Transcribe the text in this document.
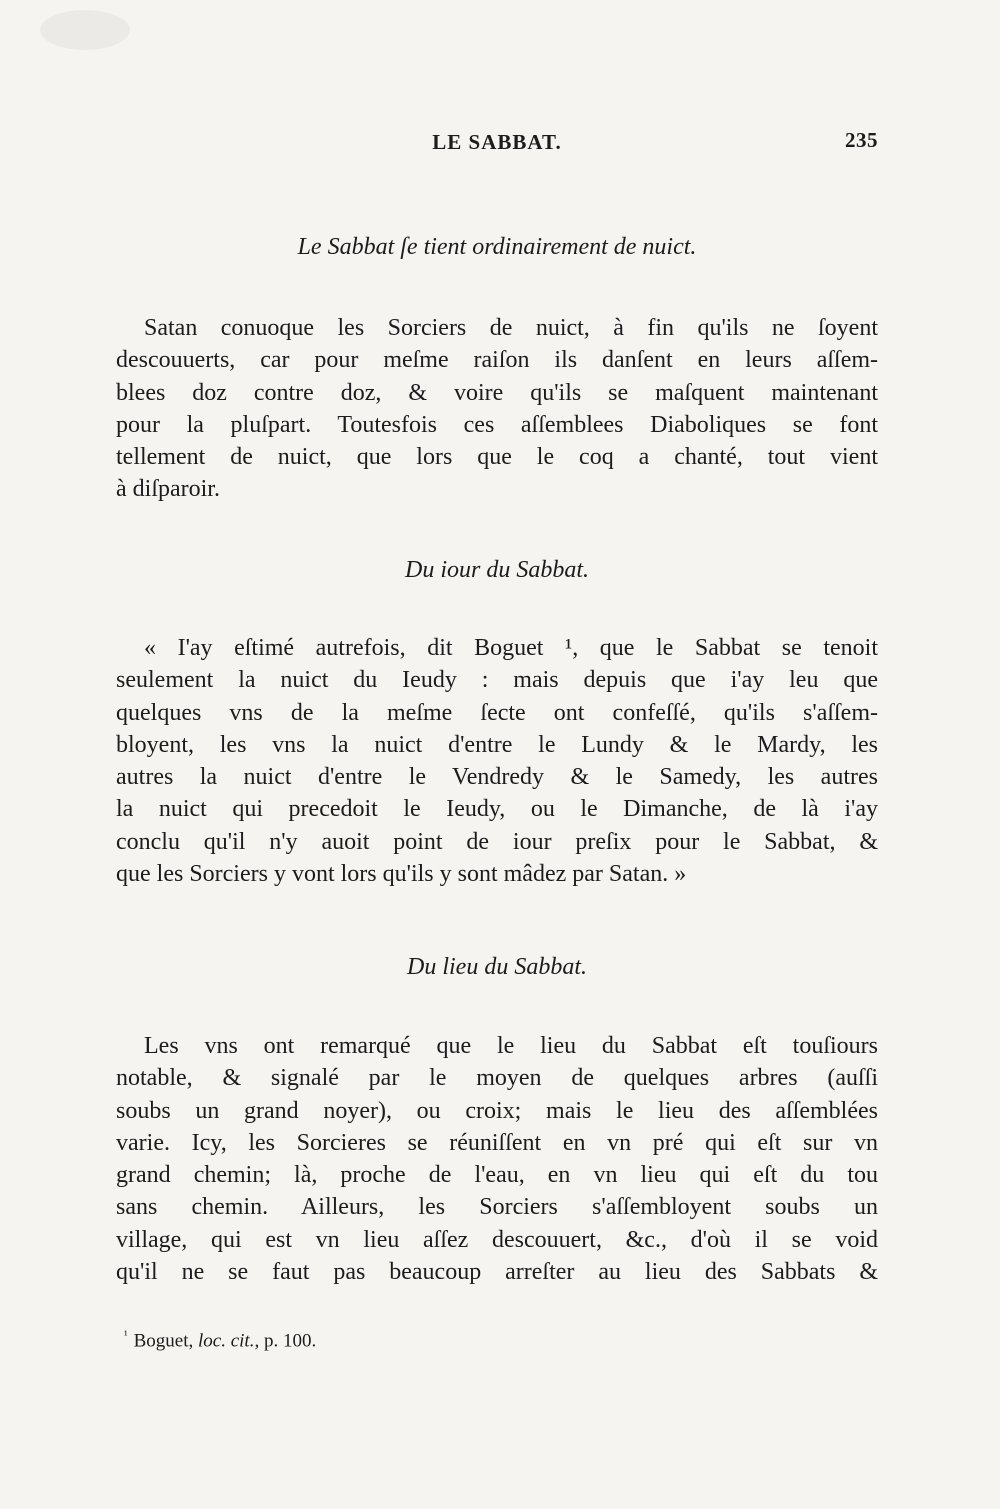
LE SABBAT.	235
Le Sabbat ſe tient ordinairement de nuict.
Satan conuoque les Sorciers de nuict, à fin qu'ils ne ſoyent
descouuerts, car pour meſme raiſon ils danſent en leurs aſſem-
blees doz contre doz, & voire qu'ils se maſquent maintenant
pour la pluſpart. Toutesfois ces aſſemblees Diaboliques se font
tellement de nuict, que lors que le coq a chanté, tout vient
à diſparoir.
Du iour du Sabbat.
« I'ay eſtimé autrefois, dit Boguet ¹, que le Sabbat se tenoit
seulement la nuict du Ieudy : mais depuis que i'ay leu que
quelques vns de la meſme ſecte ont confeſſé, qu'ils s'aſſem-
bloyent, les vns la nuict d'entre le Lundy & le Mardy, les
autres la nuict d'entre le Vendredy & le Samedy, les autres
la nuict qui precedoit le Ieudy, ou le Dimanche, de là i'ay
conclu qu'il n'y auoit point de iour preſix pour le Sabbat, &
que les Sorciers y vont lors qu'ils y sont mâdez par Satan. »
Du lieu du Sabbat.
Les vns ont remarqué que le lieu du Sabbat eſt touſiours
notable, & signalé par le moyen de quelques arbres (auſſi
soubs un grand noyer), ou croix; mais le lieu des aſſemblées
varie. Icy, les Sorcieres se réuniſſent en vn pré qui eſt sur vn
grand chemin; là, proche de l'eau, en vn lieu qui eſt du tou
sans chemin. Ailleurs, les Sorciers s'aſſembloyent soubs un
village, qui est vn lieu aſſez descouuert, &c., d'où il se void
qu'il ne se faut pas beaucoup arreſter au lieu des Sabbats &
$^{^1}$ Boguet, loc. cit., p. 100.
